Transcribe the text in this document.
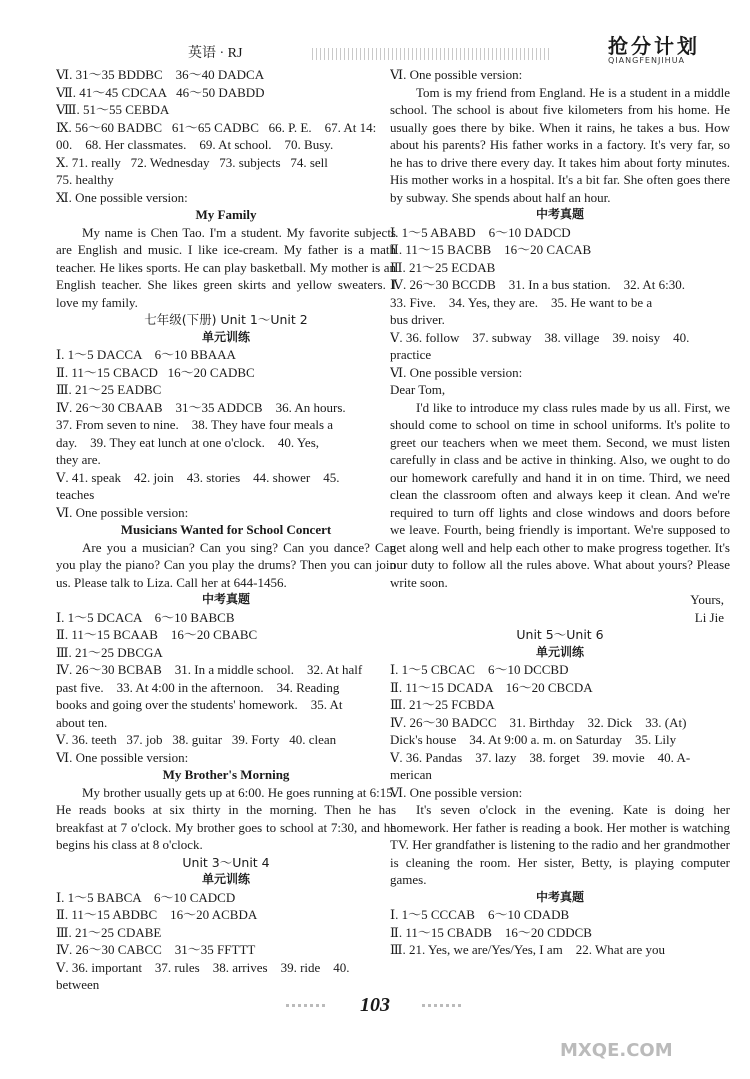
英语 · RJ	抢分计划
QIANGFENJIHUA
Ⅵ. 31～35 BDDBC    36～40 DADCA
Ⅶ. 41～45 CDCAA   46～50 DABDD
Ⅷ. 51～55 CEBDA
Ⅸ. 56～60 BADBC   61～65 CADBC   66. P. E.    67. At 14:
00.    68. Her classmates.    69. At school.    70. Busy.
Ⅹ. 71. really   72. Wednesday   73. subjects   74. sell
75. healthy
Ⅺ. One possible version:
My Family
My name is Chen Tao. I'm a student. My favorite subjects are English and music. I like ice-cream. My father is a math teacher. He likes sports. He can play basketball. My mother is an English teacher. She likes green skirts and yellow sweaters. I love my family.
七年级(下册) Unit 1～Unit 2
单元训练
Ⅰ. 1～5 DACCA    6～10 BBAAA
Ⅱ. 11～15 CBACD   16～20 CADBC
Ⅲ. 21～25 EADBC
Ⅳ. 26～30 CBAAB    31～35 ADDCB    36. An hours.
37. From seven to nine.    38. They have four meals a
day.    39. They eat lunch at one o'clock.    40. Yes,
they are.
Ⅴ. 41. speak    42. join    43. stories    44. shower    45.
teaches
Ⅵ. One possible version:
Musicians Wanted for School Concert
Are you a musician? Can you sing? Can you dance? Can you play the piano? Can you play the drums? Then you can join us. Please talk to Liza. Call her at 644-1456.
中考真题
Ⅰ. 1～5 DCACA    6～10 BABCB
Ⅱ. 11～15 BCAAB    16～20 CBABC
Ⅲ. 21～25 DBCGA
Ⅳ. 26～30 BCBAB    31. In a middle school.    32. At half
past five.    33. At 4:00 in the afternoon.    34. Reading
books and going over the students' homework.    35. At
about ten.
Ⅴ. 36. teeth   37. job   38. guitar   39. Forty   40. clean
Ⅵ. One possible version:
My Brother's Morning
My brother usually gets up at 6:00. He goes running at 6:15. He reads books at six thirty in the morning. Then he has breakfast at 7 o'clock. My brother goes to school at 7:30, and he begins his class at 8 o'clock.
Unit 3～Unit 4
单元训练
Ⅰ. 1～5 BABCA    6～10 CADCD
Ⅱ. 11～15 ABDBC    16～20 ACBDA
Ⅲ. 21～25 CDABE
Ⅳ. 26～30 CABCC    31～35 FFTTT
Ⅴ. 36. important    37. rules    38. arrives    39. ride    40.
between
Ⅵ. One possible version:
Tom is my friend from England. He is a student in a middle school. The school is about five kilometers from his home. He usually goes there by bike. When it rains, he takes a bus. How about his parents? His father works in a factory. It's very far, so he has to drive there every day. It takes him about forty minutes. His mother works in a hospital. It's a bit far. She often goes there by subway. She spends about half an hour.
中考真题
Ⅰ. 1～5 ABABD    6～10 DADCD
Ⅱ. 11～15 BACBB    16～20 CACAB
Ⅲ. 21～25 ECDAB
Ⅳ. 26～30 BCCDB    31. In a bus station.    32. At 6:30.
33. Five.    34. Yes, they are.    35. He want to be a
bus driver.
Ⅴ. 36. follow    37. subway    38. village    39. noisy    40.
practice
Ⅵ. One possible version:
Dear Tom,
I'd like to introduce my class rules made by us all. First, we should come to school on time in school uniforms. It's polite to greet our teachers when we meet them. Second, we must listen carefully in class and be active in thinking. Also, we ought to do our homework carefully and hand it in on time. Third, we need clean the classroom often and always keep it clean. And we're required to turn off lights and close windows and doors before we leave. Fourth, being friendly is important. We're supposed to get along well and help each other to make progress together. It's our duty to follow all the rules above. What about yours? Please write soon.
Yours,
Li Jie
Unit 5～Unit 6
单元训练
Ⅰ. 1～5 CBCAC    6～10 DCCBD
Ⅱ. 11～15 DCADA    16～20 CBCDA
Ⅲ. 21～25 FCBDA
Ⅳ. 26～30 BADCC    31. Birthday    32. Dick    33. (At)
Dick's house    34. At 9:00 a. m. on Saturday    35. Lily
Ⅴ. 36. Pandas    37. lazy    38. forget    39. movie    40. A-
merican
Ⅵ. One possible version:
It's seven o'clock in the evening. Kate is doing her homework. Her father is reading a book. Her mother is watching TV. Her grandfather is listening to the radio and her grandmother is cleaning the room. Her sister, Betty, is playing computer games.
中考真题
Ⅰ. 1～5 CCCAB    6～10 CDADB
Ⅱ. 11～15 CBADB    16～20 CDDCB
Ⅲ. 21. Yes, we are/Yes/Yes, I am    22. What are you
103
MXQE.COM
